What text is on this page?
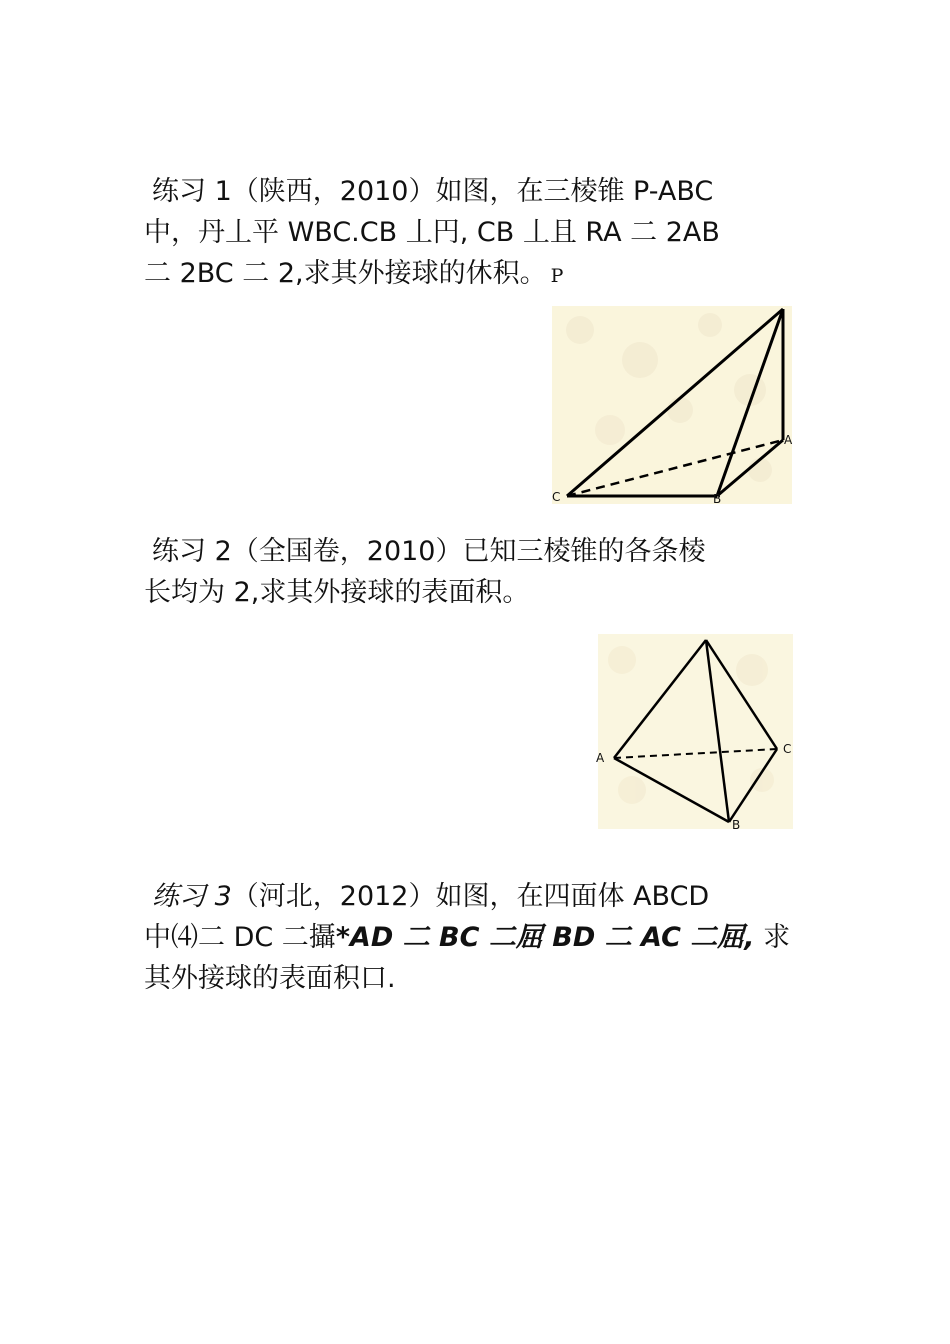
练习 1（陕西，2010）如图，在三棱锥 P-ABC
中，丹丄平 WBC.CB 丄円, CB 丄且 RA 二 2AB
二 2BC 二 2,求其外接球的休积。 P
C	B
A
练习 2（全国卷，2010）已知三棱锥的各条棱
长均为 2,求其外接球的表面积。
A
B
C
练习 3（河北，2012）如图，在四面体 ABCD
中⑷二 DC 二攝*AD 二 BC 二屈 BD 二 AC 二屈, 求
其外接球的表面积口.
